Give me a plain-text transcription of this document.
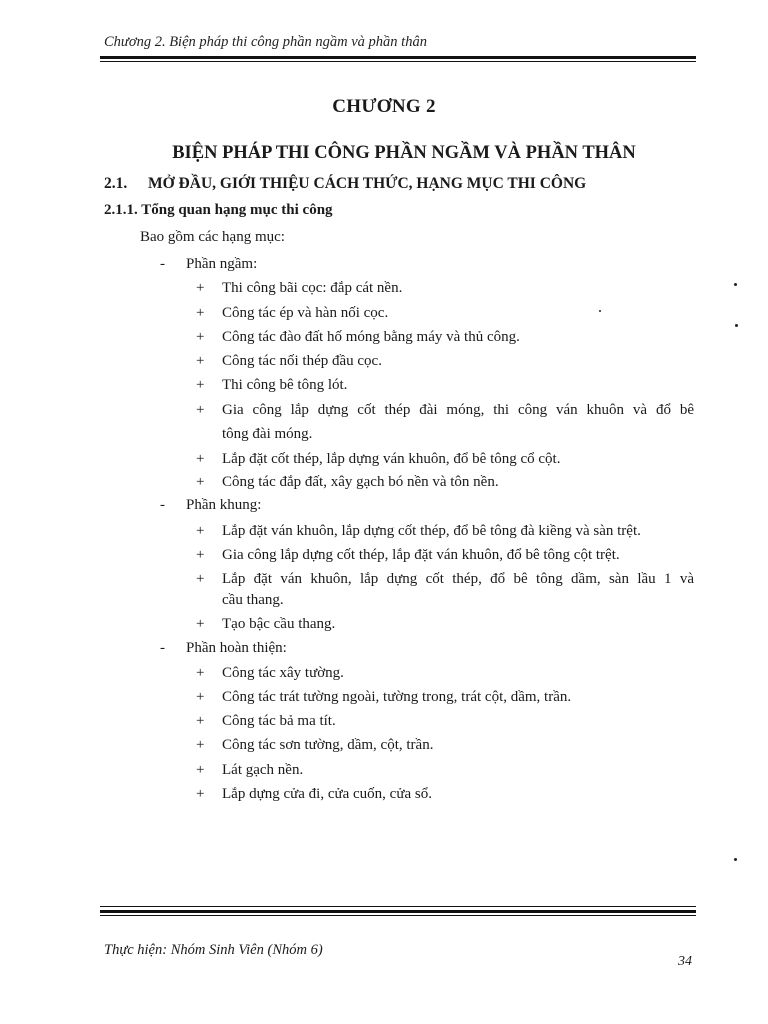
Chương 2. Biện pháp thi công phần ngầm và phần thân
CHƯƠNG 2
BIỆN PHÁP THI CÔNG PHẦN NGẦM VÀ PHẦN THÂN
2.1. MỞ ĐẦU, GIỚI THIỆU CÁCH THỨC, HẠNG MỤC THI CÔNG
2.1.1. Tổng quan hạng mục thi công
Bao gồm các hạng mục:
- Phần ngầm:
+ Thi công bãi cọc: đắp cát nền.
+ Công tác ép và hàn nối cọc.
+ Công tác đào đất hố móng bằng máy và thủ công.
+ Công tác nối thép đầu cọc.
+ Thi công bê tông lót.
+ Gia công lắp dựng cốt thép đài móng, thi công ván khuôn và đổ bê
tông đài móng.
+ Lắp đặt cốt thép, lắp dựng ván khuôn, đổ bê tông cổ cột.
+ Công tác đắp đất, xây gạch bó nền và tôn nền.
- Phần khung:
+ Lắp đặt ván khuôn, lắp dựng cốt thép, đổ bê tông đà kiềng và sàn trệt.
+ Gia công lắp dựng cốt thép, lắp đặt ván khuôn, đổ bê tông cột trệt.
+ Lắp đặt ván khuôn, lắp dựng cốt thép, đổ bê tông dầm, sàn lầu 1 và
cầu thang.
+ Tạo bậc cầu thang.
- Phần hoàn thiện:
+ Công tác xây tường.
+ Công tác trát tường ngoài, tường trong, trát cột, dầm, trần.
+ Công tác bả ma tít.
+ Công tác sơn tường, dầm, cột, trần.
+ Lát gạch nền.
+ Lắp dựng cửa đi, cửa cuốn, cửa sổ.
Thực hiện: Nhóm Sinh Viên (Nhóm 6)
34
